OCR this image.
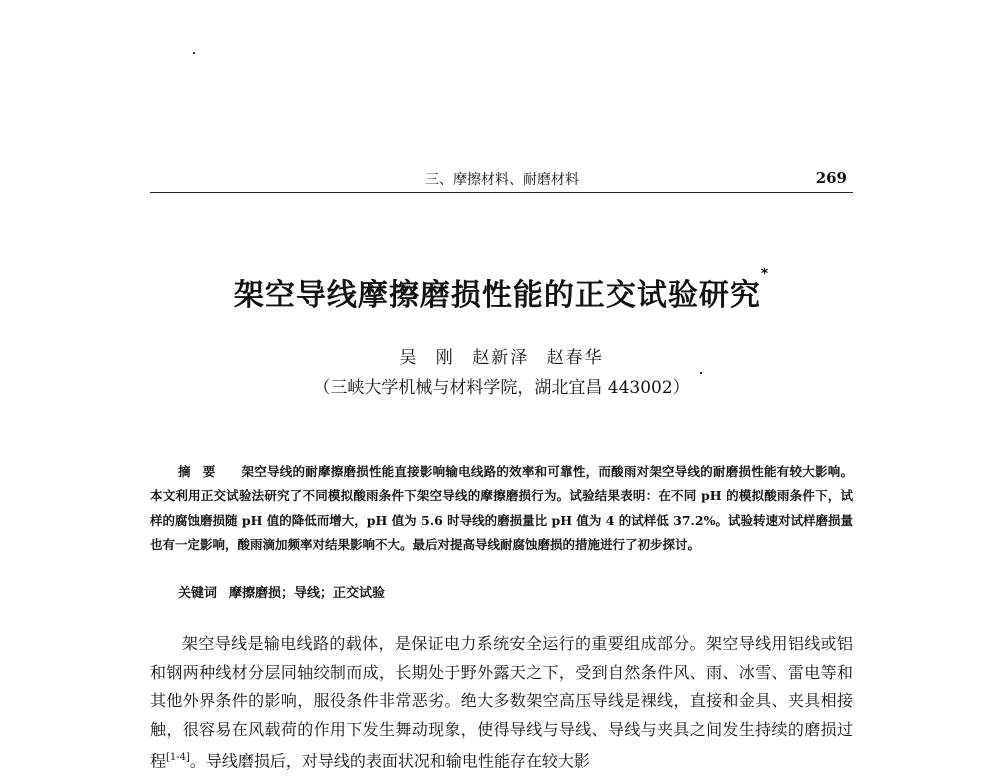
三、摩擦材料、耐磨材料	269
架空导线摩擦磨损性能的正交试验研究*
吴 刚 赵新泽 赵春华
（三峡大学机械与材料学院，湖北宜昌 443002）
摘要 架空导线的耐摩擦磨损性能直接影响输电线路的效率和可靠性，而酸雨对架空导线的耐磨损性能有较大影响。本文利用正交试验法研究了不同模拟酸雨条件下架空导线的摩擦磨损行为。试验结果表明：在不同 pH 的模拟酸雨条件下，试样的腐蚀磨损随 pH 值的降低而增大，pH 值为 5.6 时导线的磨损量比 pH 值为 4 的试样低 37.2%。试验转速对试样磨损量也有一定影响，酸雨滴加频率对结果影响不大。最后对提高导线耐腐蚀磨损的措施进行了初步探讨。
关键词 摩擦磨损；导线；正交试验
架空导线是输电线路的载体，是保证电力系统安全运行的重要组成部分。架空导线用铝线或铝和钢两种线材分层同轴绞制而成，长期处于野外露天之下，受到自然条件风、雨、冰雪、雷电等和其他外界条件的影响，服役条件非常恶劣。绝大多数架空高压导线是裸线，直接和金具、夹具相接触，很容易在风载荷的作用下发生舞动现象，使得导线与导线、导线与夹具之间发生持续的磨损过程[1-4]。导线磨损后，对导线的表面状况和输电性能存在较大影
